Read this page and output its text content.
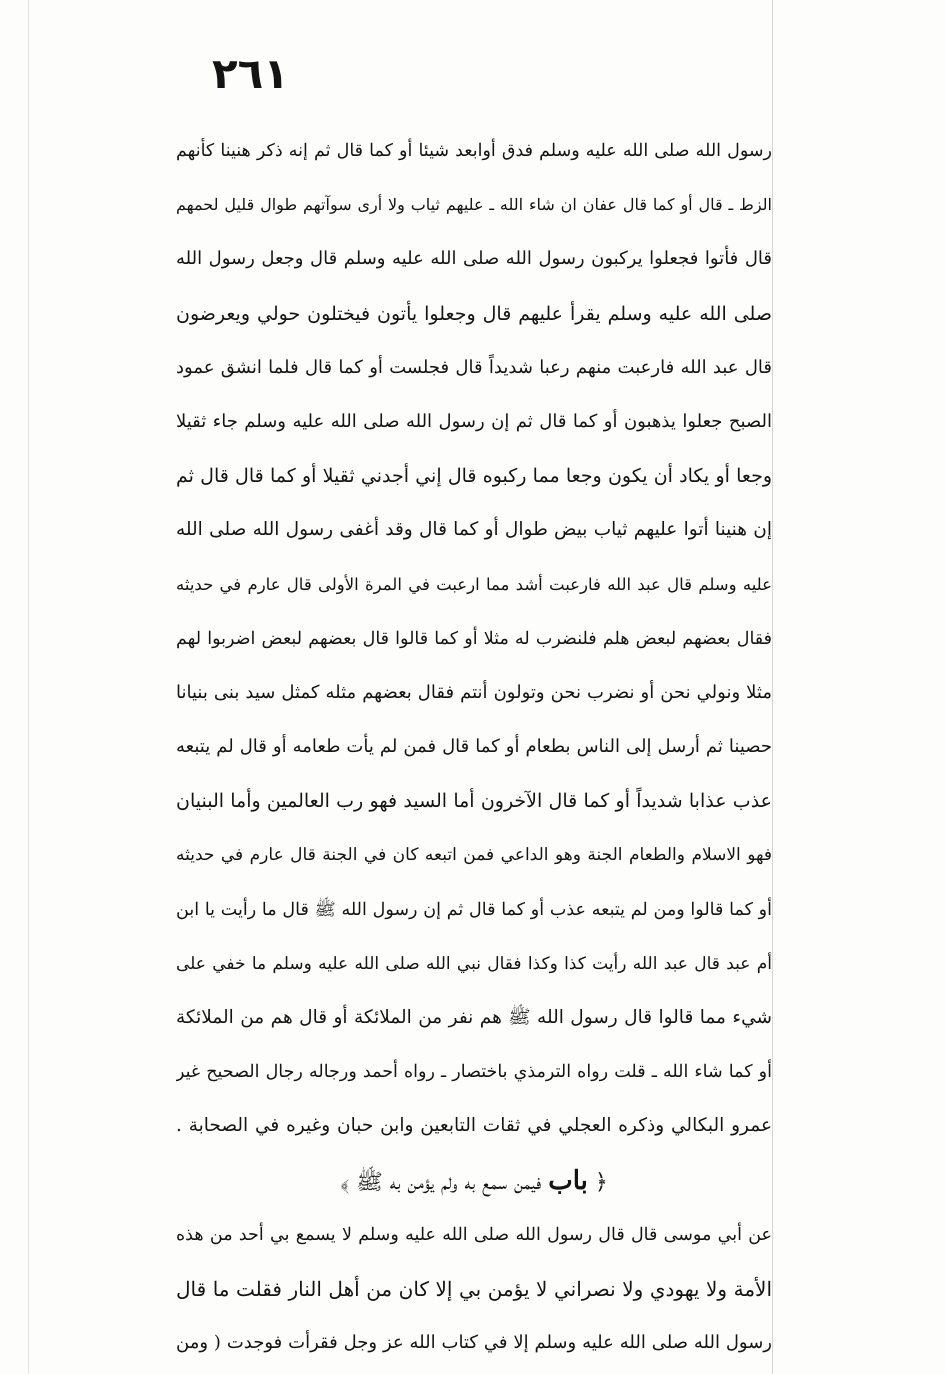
٢٦١
رسول الله صلى الله عليه وسلم فدق أوابعد شيئا أو كما قال ثم إنه ذكر هنينا كأنهم
الزط ـ قال أو كما قال عفان ان شاء الله ـ عليهم ثياب ولا أرى سوآتهم طوال قليل لحمهم
قال فأتوا فجعلوا يركبون رسول الله صلى الله عليه وسلم قال وجعل رسول الله
صلى الله عليه وسلم يقرأ عليهم قال وجعلوا يأتون فيختلون حولي ويعرضون
قال عبد الله فارعبت منهم رعبا شديداً قال فجلست أو كما قال فلما انشق عمود
الصبح جعلوا يذهبون أو كما قال ثم إن رسول الله صلى الله عليه وسلم جاء ثقيلا
وجعا أو يكاد أن يكون وجعا مما ركبوه قال إني أجدني ثقيلا أو كما قال قال ثم
إن هنينا أتوا عليهم ثياب بيض طوال أو كما قال وقد أغفى رسول الله صلى الله
عليه وسلم قال عبد الله فارعبت أشد مما ارعبت في المرة الأولى قال عارم في حديثه
فقال بعضهم لبعض هلم فلنضرب له مثلا أو كما قالوا قال بعضهم لبعض اضربوا لهم
مثلا ونولي نحن أو نضرب نحن وتولون أنتم فقال بعضهم مثله كمثل سيد بنى بنيانا
حصينا ثم أرسل إلى الناس بطعام أو كما قال فمن لم يأت طعامه أو قال لم يتبعه
عذب عذابا شديداً أو كما قال الآخرون أما السيد فهو رب العالمين وأما البنيان
فهو الاسلام والطعام الجنة وهو الداعي فمن اتبعه كان في الجنة قال عارم في حديثه
أو كما قالوا ومن لم يتبعه عذب أو كما قال ثم إن رسول الله ﷺ قال ما رأيت يا ابن
أم عبد قال عبد الله رأيت كذا وكذا فقال نبي الله صلى الله عليه وسلم ما خفي على
شيء مما قالوا قال رسول الله ﷺ هم نفر من الملائكة أو قال هم من الملائكة
أو كما شاء الله ـ قلت رواه الترمذي باختصار ـ رواه أحمد ورجاله رجال الصحيح غير
عمرو البكالي وذكره العجلي في ثقات التابعين وابن حبان وغيره في الصحابة .
﴿ باب فيمن سمع به ولم يؤمن به ﷺ ﴾
عن أبي موسى قال قال رسول الله صلى الله عليه وسلم لا يسمع بي أحد من هذه
الأمة ولا يهودي ولا نصراني لا يؤمن بي إلا كان من أهل النار فقلت ما قال
رسول الله صلى الله عليه وسلم إلا في كتاب الله عز وجل فقرأت فوجدت ( ومن
